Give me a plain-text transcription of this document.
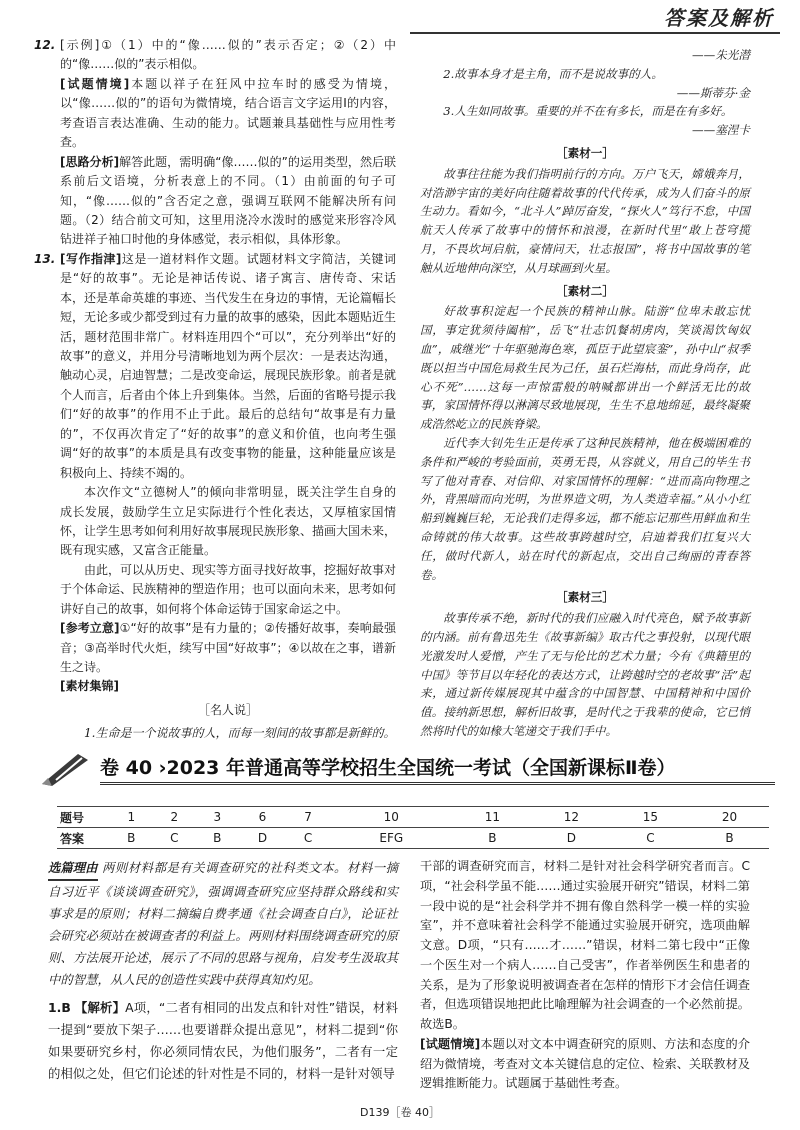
答案及解析

12. [示例]①（1）中的“像……似的”表示否定；②（2）中的“像……似的”表示相似。

[试题情境]本题以祥子在狂风中拉车时的感受为情境，以“像……似的”的语句为微情境，结合语言文字运用Ⅰ的内容，考查语言表达准确、生动的能力。试题兼具基础性与应用性考查。

[思路分析]解答此题，需明确“像……似的”的运用类型，然后联系前后文语境，分析表意上的不同。（1）由前面的句子可知，“像……似的”含否定之意，强调互联网不能解决所有问题。（2）结合前文可知，这里用浇冷水泼时的感觉来形容冷风钻进祥子袖口时他的身体感觉，表示相似，具体形象。

13. [写作指津]这是一道材料作文题。试题材料文字简洁，关键词是“好的故事”。无论是神话传说、诸子寓言、唐传奇、宋话本，还是革命英雄的事迹、当代发生在身边的事情，无论篇幅长短，无论多或少都受到过有力量的故事的感染，因此本题贴近生活，题材范围非常广。材料连用四个“可以”，充分列举出“好的故事”的意义，并用分号清晰地划为两个层次：一是表达沟通，触动心灵，启迪智慧；二是改变命运，展现民族形象。前者是就个人而言，后者由个体上升到集体。当然，后面的省略号提示我们“好的故事”的作用不止于此。最后的总结句“故事是有力量的”，不仅再次肯定了“好的故事”的意义和价值，也向考生强调“好的故事”的本质是具有改变事物的能量，这种能量应该是积极向上、持续不竭的。

本次作文“立德树人”的倾向非常明显，既关注学生自身的成长发展，鼓励学生立足实际进行个性化表达，又厚植家国情怀，让学生思考如何利用好故事展现民族形象、描画大国未来，既有现实感，又富含正能量。

由此，可以从历史、现实等方面寻找好故事，挖掘好故事对于个体命运、民族精神的塑造作用；也可以面向未来，思考如何讲好自己的故事，如何将个体命运铸于国家命运之中。

[参考立意]①“好的故事”是有力量的；②传播好故事，奏响最强音；③高举时代火炬，续写中国“好故事”；④以故在之事，谱新生之诗。

[素材集锦]

［名人说］

1.生命是一个说故事的人，而每一刻间的故事都是新鲜的。

——朱光潜

2.故事本身才是主角，而不是说故事的人。

——斯蒂芬·金

3.人生如同故事。重要的并不在有多长，而是在有多好。

——塞涅卡

［素材一］

故事往往能为我们指明前行的方向。万户飞天，嫦娥奔月，对浩渺宇宙的美好向往随着故事的代代传承，成为人们奋斗的原生动力。看如今，“北斗人”踔厉奋发，“探火人”笃行不怠，中国航天人传承了故事中的情怀和浪漫，在新时代里“敢上苍穹揽月，不畏坎坷启航，豪情问天，壮志报国”，将书中国故事的笔触从近地伸向深空，从月球画到火星。

［素材二］

好故事积淀起一个民族的精神山脉。陆游“位卑未敢忘忧国，事定犹须待阖棺”，岳飞“壮志饥餐胡虏肉，笑谈渴饮匈奴血”，戚继光“十年驱驰海色寒，孤臣于此望宸銮”，孙中山“叔季既以担当中国危局救生民为己任，虽石烂海枯，而此身尚存，此心不死”……这每一声惊雷般的呐喊都讲出一个鲜活无比的故事，家国情怀得以淋漓尽致地展现，生生不息地绵延，最终凝聚成浩然屹立的民族脊梁。

近代李大钊先生正是传承了这种民族精神，他在极端困难的条件和严峻的考验面前，英勇无畏，从容就义，用自己的毕生书写了他对青春、对信仰、对家国情怀的理解：“进而高向物理之外，背黑暗而向光明，为世界造文明，为人类造幸福。”从小小红船到巍巍巨轮，无论我们走得多远，都不能忘记那些用鲜血和生命铸就的伟大故事。这些故事跨越时空，启迪着我们扛复兴大任，做时代新人，站在时代的新起点，交出自己绚丽的青春答卷。

［素材三］

故事传承不绝，新时代的我们应融入时代亮色，赋予故事新的内涵。前有鲁迅先生《故事新编》取古代之事投射，以现代眼光激发时人爱憎，产生了无与伦比的艺术力量；今有《典籍里的中国》等节目以年轻化的表达方式，让跨越时空的老故事“活”起来，通过新传媒展现其中蕴含的中国智慧、中国精神和中国价值。接纳新思想，解析旧故事，是时代之于我辈的使命，它已悄然将时代的如椽大笔递交于我们手中。

卷 40 ›2023 年普通高等学校招生全国统一考试（全国新课标Ⅱ卷）
题号	1	2	3	6	7	10	11	12	15	20
答案	B	C	B	D	C	EFG	B	D	C	B

选篇理由 两则材料都是有关调查研究的社科类文本。材料一摘自习近平《谈谈调查研究》，强调调查研究应坚持群众路线和实事求是的原则；材料二摘编自费孝通《社会调查自白》，论证社会研究必须站在被调查者的利益上。两则材料围绕调查研究的原则、方法展开论述，展示了不同的思路与视角，启发考生汲取其中的智慧，从人民的创造性实践中获得真知灼见。

1.B 【解析】A项，“二者有相同的出发点和针对性”错误，材料一提到“要放下架子……也要谱群众提出意见”，材料二提到“你如果要研究乡村，你必须同情农民，为他们服务”，二者有一定的相似之处，但它们论述的针对性是不同的，材料一是针对领导

干部的调查研究而言，材料二是针对社会科学研究者而言。C项，“社会科学虽不能……通过实验展开研究”错误，材料二第一段中说的是“社会科学并不拥有像自然科学一模一样的实验室”，并不意味着社会科学不能通过实验展开研究，选项曲解文意。D项，“只有……才……”错误，材料二第七段中“正像一个医生对一个病人……自己受害”，作者举例医生和患者的关系，是为了形象说明被调查者在怎样的情形下才会信任调查者，但选项错误地把此比喻理解为社会调查的一个必然前提。故选B。

[试题情境]本题以对文本中调查研究的原则、方法和态度的介绍为微情境，考查对文本关键信息的定位、检索、关联教材及逻辑推断能力。试题属于基础性考查。

D139［卷 40］
